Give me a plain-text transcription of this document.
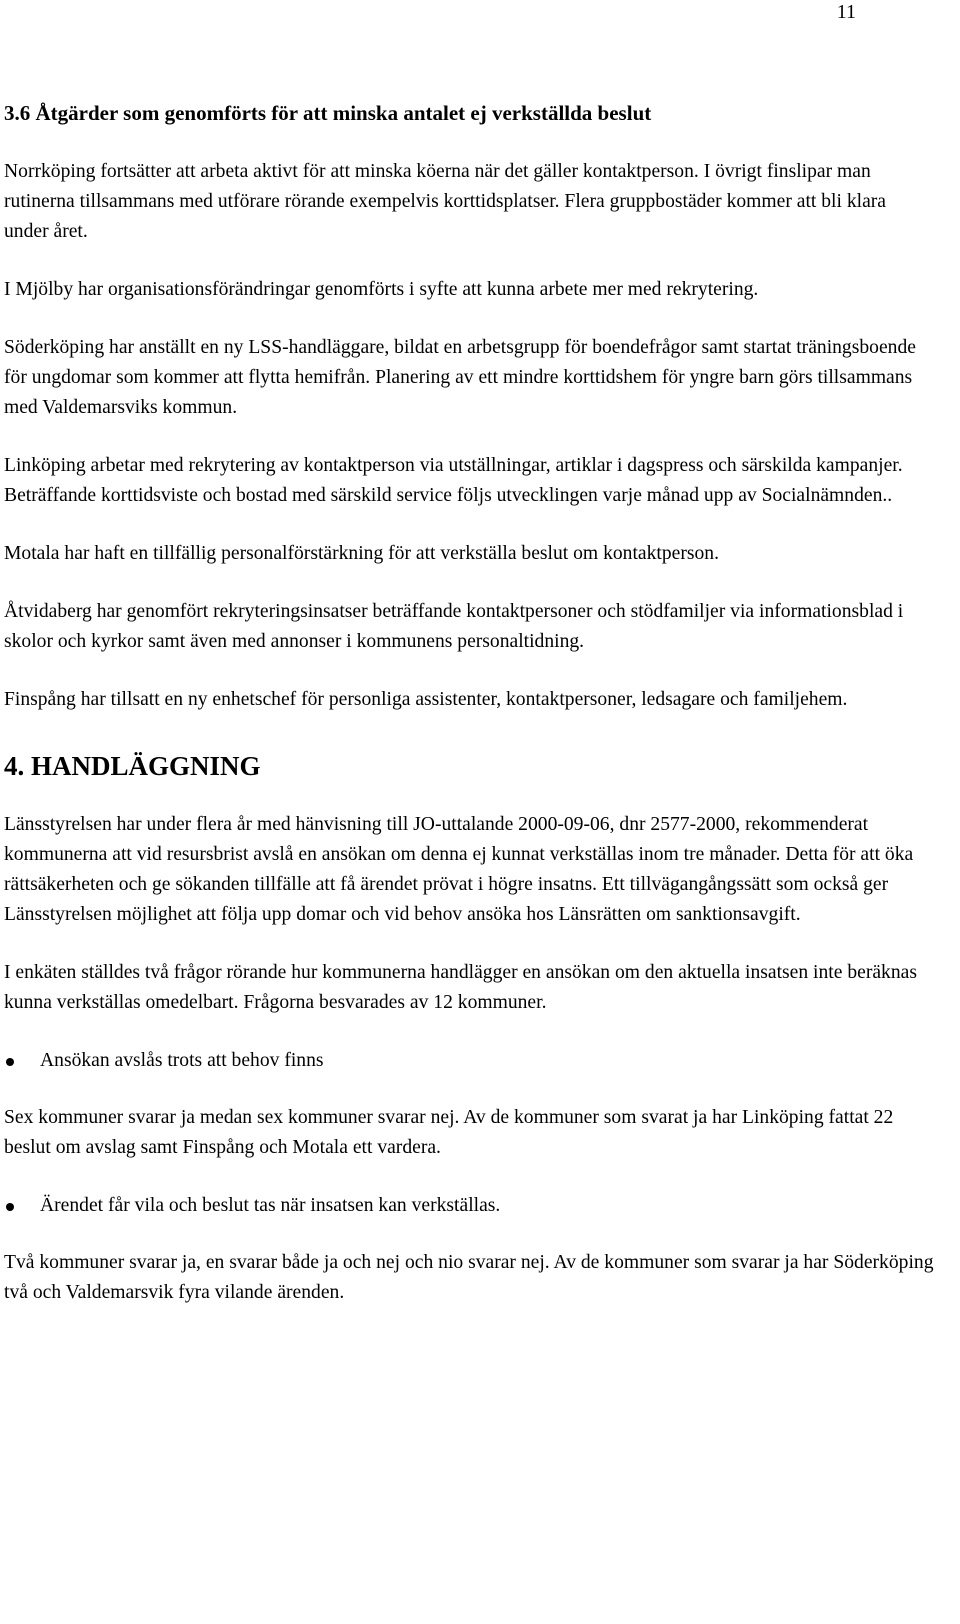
11
3.6 Åtgärder som genomförts för att minska antalet ej verkställda beslut

Norrköping fortsätter att arbeta aktivt för att minska köerna när det gäller kontaktperson. I övrigt finslipar man rutinerna tillsammans med utförare rörande exempelvis korttidsplatser. Flera gruppbostäder kommer att bli klara under året.

I Mjölby har organisationsförändringar genomförts i syfte att kunna arbete mer med rekrytering.

Söderköping har anställt en ny LSS-handläggare, bildat en arbetsgrupp för boendefrågor samt startat träningsboende för ungdomar som kommer att flytta hemifrån. Planering av ett mindre korttidshem för yngre barn görs tillsammans med Valdemarsviks kommun.

Linköping arbetar med rekrytering av kontaktperson via utställningar, artiklar i dagspress och särskilda kampanjer. Beträffande korttidsviste och bostad med särskild service följs utvecklingen varje månad upp av Socialnämnden..

Motala har haft en tillfällig personalförstärkning för att verkställa beslut om kontaktperson.

Åtvidaberg har genomfört rekryteringsinsatser beträffande kontaktpersoner och stödfamiljer via informationsblad i skolor och kyrkor samt även med annonser i kommunens personaltidning.

Finspång har tillsatt en ny enhetschef för personliga assistenter, kontaktpersoner, ledsagare och familjehem.

4. HANDLÄGGNING

Länsstyrelsen har under flera år med hänvisning till JO-uttalande 2000-09-06, dnr 2577-2000, rekommenderat kommunerna att vid resursbrist avslå en ansökan om denna ej kunnat verkställas inom tre månader. Detta för att öka rättsäkerheten och ge sökanden tillfälle att få ärendet prövat i högre insatns. Ett tillvägangångssätt som också ger Länsstyrelsen möjlighet att följa upp domar och vid behov ansöka hos Länsrätten om sanktionsavgift.

I enkäten ställdes två frågor rörande hur kommunerna handlägger en ansökan om den aktuella insatsen inte beräknas kunna verkställas omedelbart. Frågorna besvarades av 12 kommuner.

Ansökan avslås trots att behov finns

Sex kommuner svarar ja medan sex kommuner svarar nej. Av de kommuner som svarat ja har Linköping fattat 22 beslut om avslag samt Finspång och Motala ett vardera.

Ärendet får vila och beslut tas när insatsen kan verkställas.

Två kommuner svarar ja, en svarar både ja och nej och nio svarar nej. Av de kommuner som svarar ja har Söderköping två och Valdemarsvik fyra vilande ärenden.
